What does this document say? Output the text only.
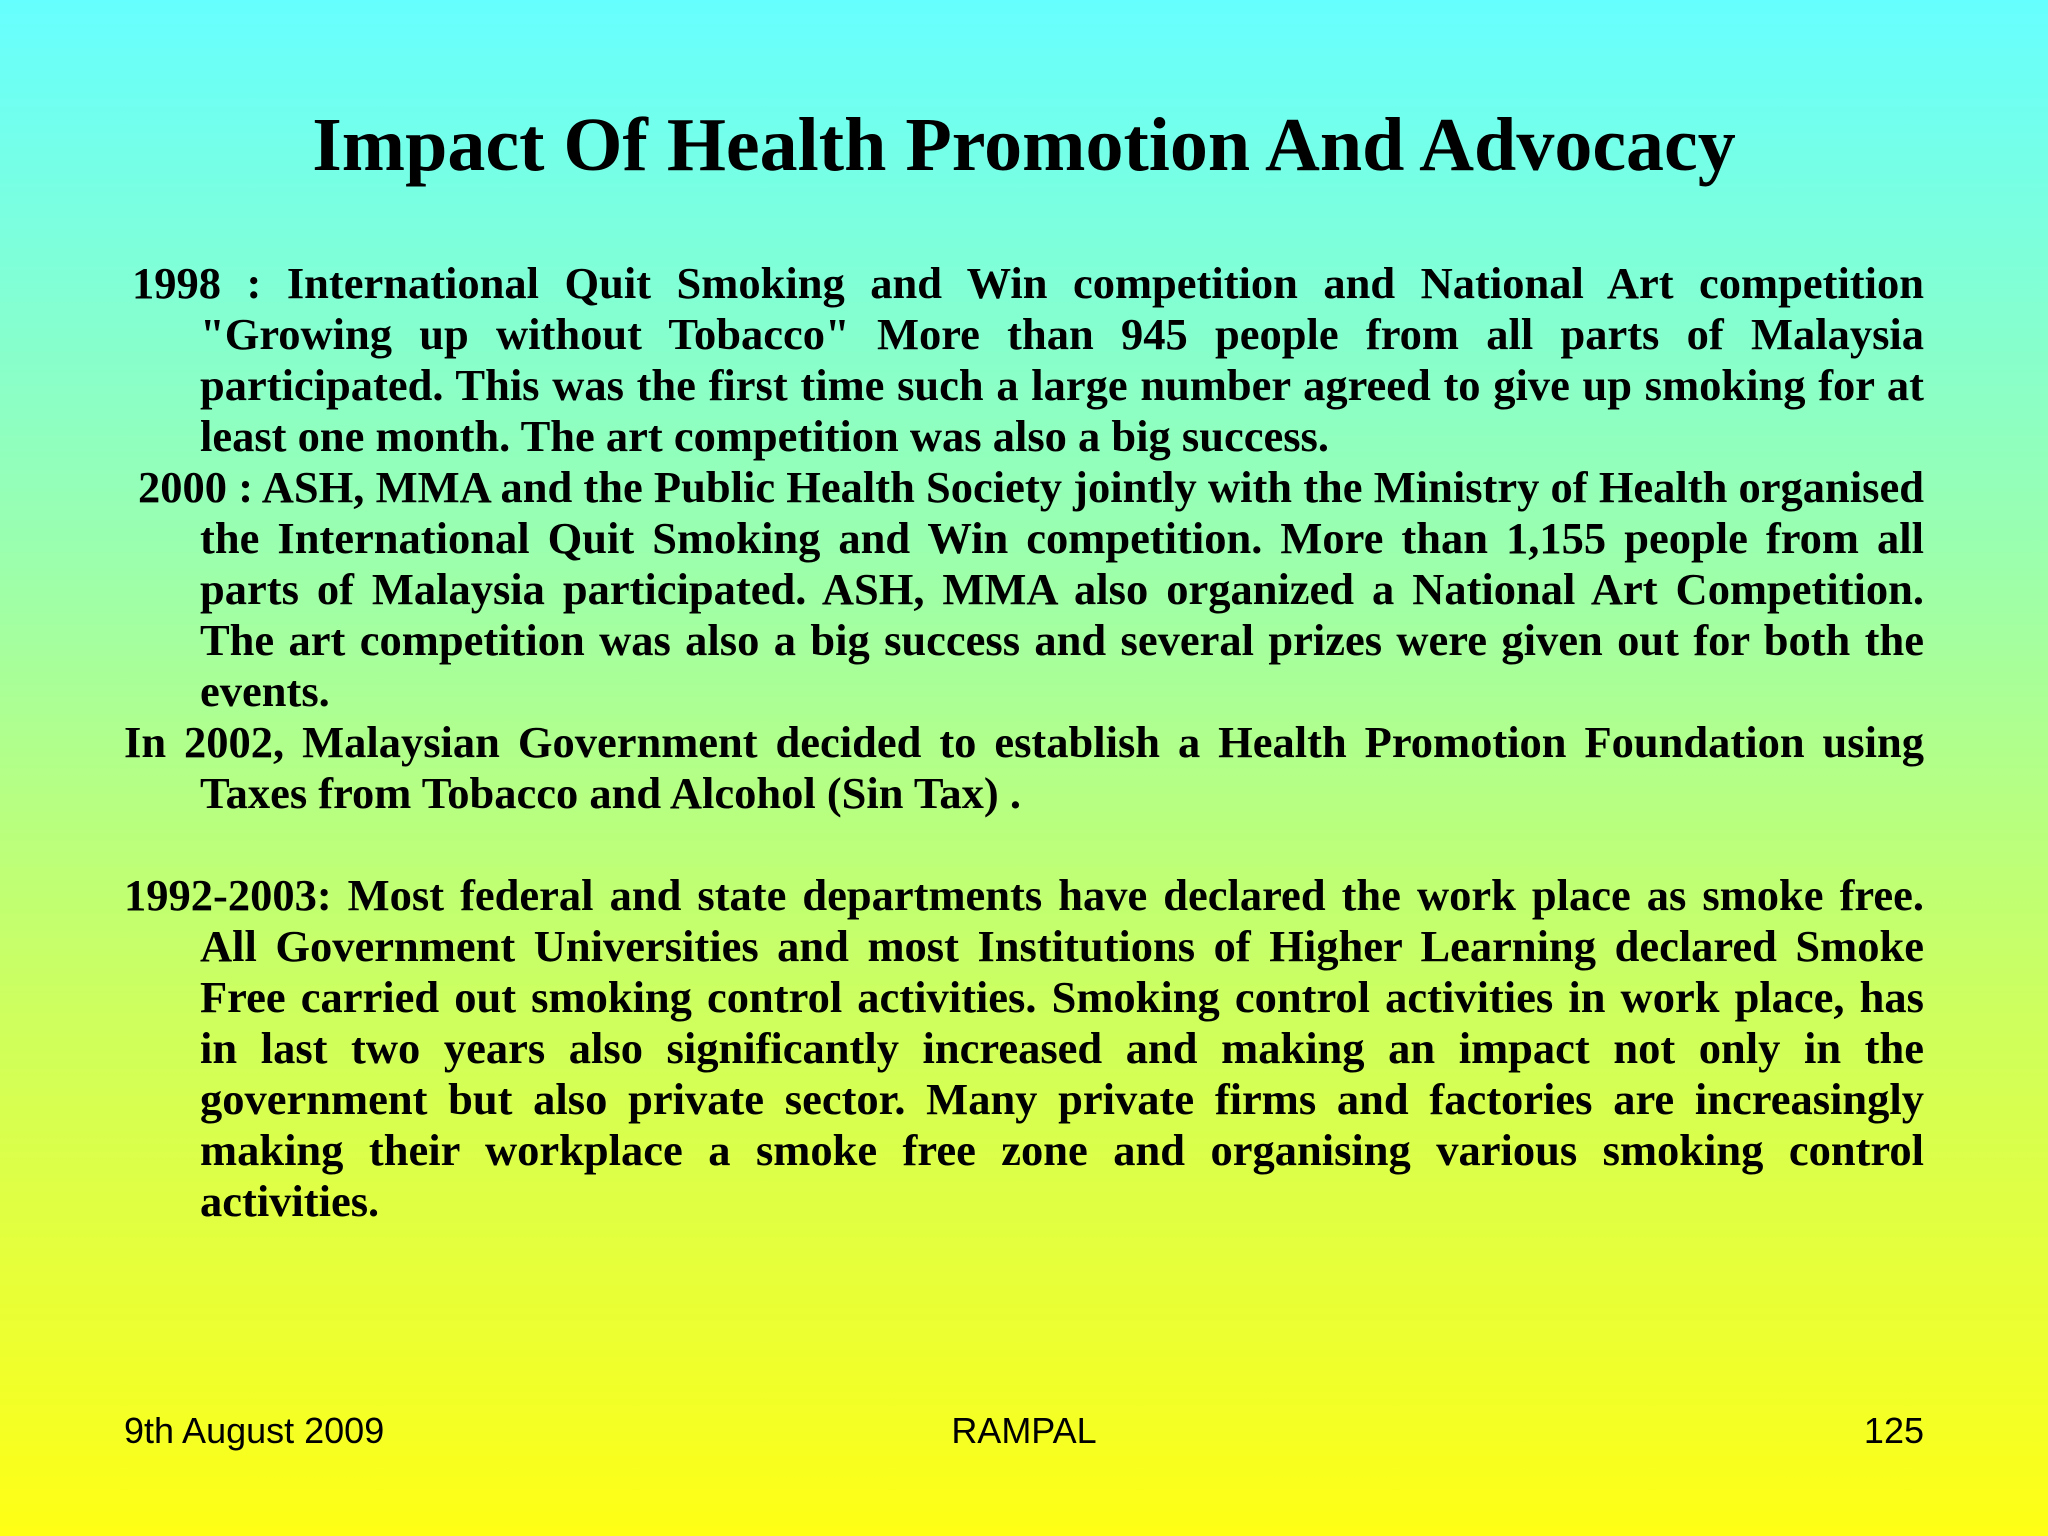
Impact Of Health Promotion And Advocacy

1998 : International Quit Smoking and Win competition and National Art competition "Growing up without Tobacco" More than 945 people from all parts of Malaysia participated. This was the first time such a large number agreed to give up smoking for at least one month. The art competition was also a big success.

2000 : ASH, MMA and the Public Health Society jointly with the Ministry of Health organised the International Quit Smoking and Win competition. More than 1,155 people from all parts of Malaysia participated. ASH, MMA also organized a National Art Competition. The art competition was also a big success and several prizes were given out for both the events.

In 2002, Malaysian Government decided to establish a Health Promotion Foundation using Taxes from Tobacco and Alcohol (Sin Tax) .

1992-2003: Most federal and state departments have declared the work place as smoke free. All Government Universities and most Institutions of Higher Learning declared Smoke Free carried out smoking control activities. Smoking control activities in work place, has in last two years also significantly increased and making an impact not only in the government but also private sector. Many private firms and factories are increasingly making their workplace a smoke free zone and organising various smoking control activities.

9th August 2009	RAMPAL	125
